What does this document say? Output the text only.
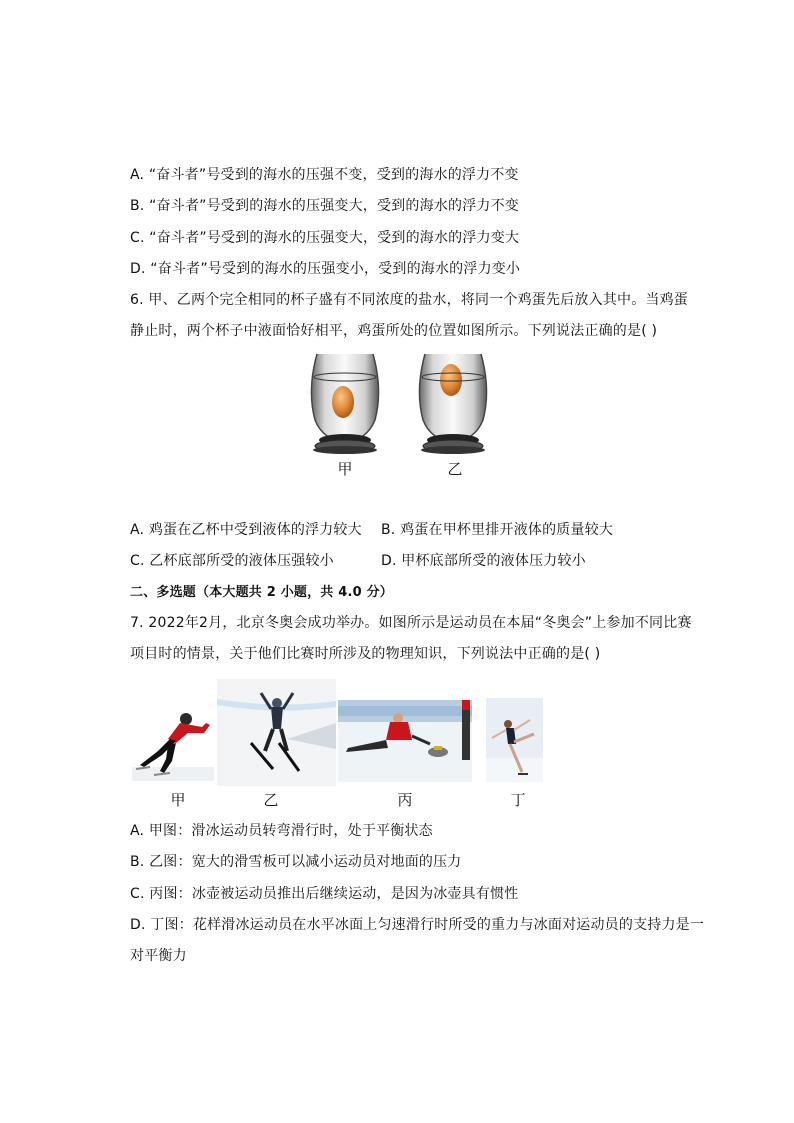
A. “奋斗者”号受到的海水的压强不变，受到的海水的浮力不变
B. “奋斗者”号受到的海水的压强变大，受到的海水的浮力不变
C. “奋斗者”号受到的海水的压强变大，受到的海水的浮力变大
D. “奋斗者”号受到的海水的压强变小，受到的海水的浮力变小
6. 甲、乙两个完全相同的杯子盛有不同浓度的盐水，将同一个鸡蛋先后放入其中。当鸡蛋
静止时，两个杯子中液面恰好相平，鸡蛋所处的位置如图所示。下列说法正确的是( )
甲	乙
A. 鸡蛋在乙杯中受到液体的浮力较大 B. 鸡蛋在甲杯里排开液体的质量较大
C. 乙杯底部所受的液体压强较小	D. 甲杯底部所受的液体压力较小
二、多选题（本大题共 2 小题，共 4.0 分）
7. 2022年2月，北京冬奥会成功举办。如图所示是运动员在本届“冬奥会”上参加不同比赛
项目时的情景，关于他们比赛时所涉及的物理知识，下列说法中正确的是( )
甲	乙	丙	丁
A. 甲图：滑冰运动员转弯滑行时，处于平衡状态
B. 乙图：宽大的滑雪板可以减小运动员对地面的压力
C. 丙图：冰壶被运动员推出后继续运动，是因为冰壶具有惯性
D. 丁图：花样滑冰运动员在水平冰面上匀速滑行时所受的重力与冰面对运动员的支持力是一
对平衡力
